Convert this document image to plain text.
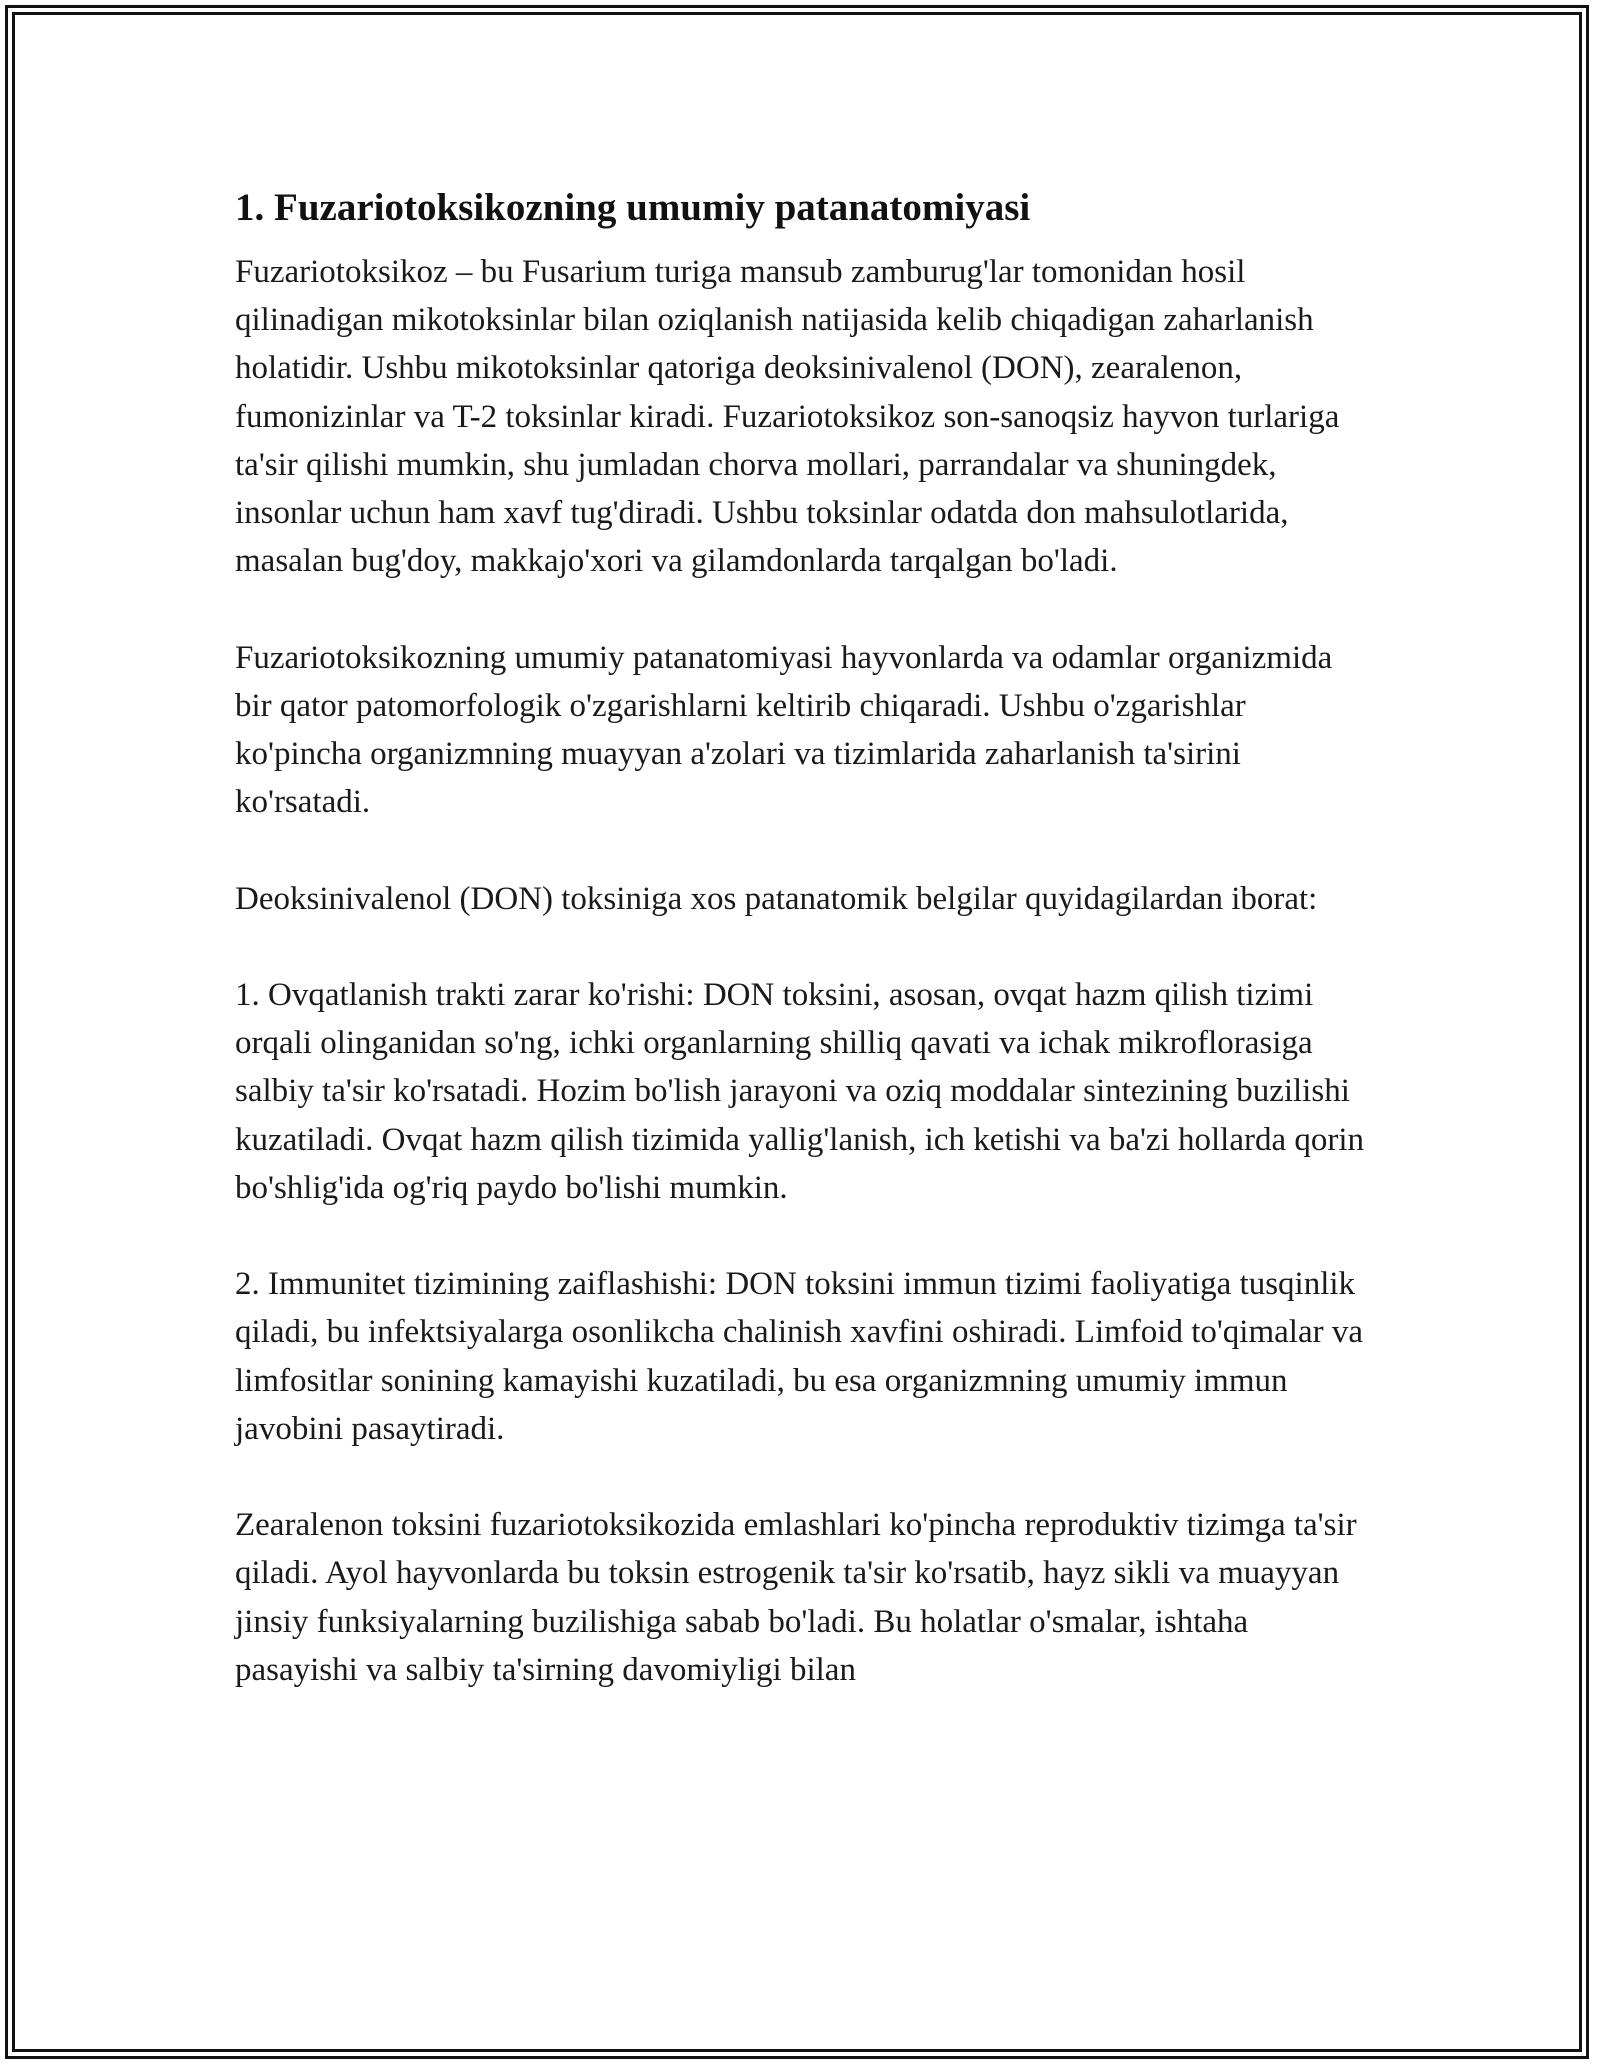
1. Fuzariotoksikozning umumiy patanatomiyasi

Fuzariotoksikoz – bu Fusarium turiga mansub zamburug'lar tomonidan hosil qilinadigan mikotoksinlar bilan oziqlanish natijasida kelib chiqadigan zaharlanish holatidir. Ushbu mikotoksinlar qatoriga deoksinivalenol (DON), zearalenon, fumonizinlar va T-2 toksinlar kiradi. Fuzariotoksikoz son-sanoqsiz hayvon turlariga ta'sir qilishi mumkin, shu jumladan chorva mollari, parrandalar va shuningdek, insonlar uchun ham xavf tug'diradi. Ushbu toksinlar odatda don mahsulotlarida, masalan bug'doy, makkajo'xori va gilamdonlarda tarqalgan bo'ladi.

Fuzariotoksikozning umumiy patanatomiyasi hayvonlarda va odamlar organizmida bir qator patomorfologik o'zgarishlarni keltirib chiqaradi. Ushbu o'zgarishlar ko'pincha organizmning muayyan a'zolari va tizimlarida zaharlanish ta'sirini ko'rsatadi.

Deoksinivalenol (DON) toksiniga xos patanatomik belgilar quyidagilardan iborat:

1. Ovqatlanish trakti zarar ko'rishi: DON toksini, asosan, ovqat hazm qilish tizimi orqali olinganidan so'ng, ichki organlarning shilliq qavati va ichak mikroflorasiga salbiy ta'sir ko'rsatadi. Hozim bo'lish jarayoni va oziq moddalar sintezining buzilishi kuzatiladi. Ovqat hazm qilish tizimida yallig'lanish, ich ketishi va ba'zi hollarda qorin bo'shlig'ida og'riq paydo bo'lishi mumkin.

2. Immunitet tizimining zaiflashishi: DON toksini immun tizimi faoliyatiga tusqinlik qiladi, bu infektsiyalarga osonlikcha chalinish xavfini oshiradi. Limfoid to'qimalar va limfositlar sonining kamayishi kuzatiladi, bu esa organizmning umumiy immun javobini pasaytiradi.

Zearalenon toksini fuzariotoksikozida emlashlari ko'pincha reproduktiv tizimga ta'sir qiladi. Ayol hayvonlarda bu toksin estrogenik ta'sir ko'rsatib, hayz sikli va muayyan jinsiy funksiyalarning buzilishiga sabab bo'ladi. Bu holatlar o'smalar, ishtaha pasayishi va salbiy ta'sirning davomiyligi bilan
